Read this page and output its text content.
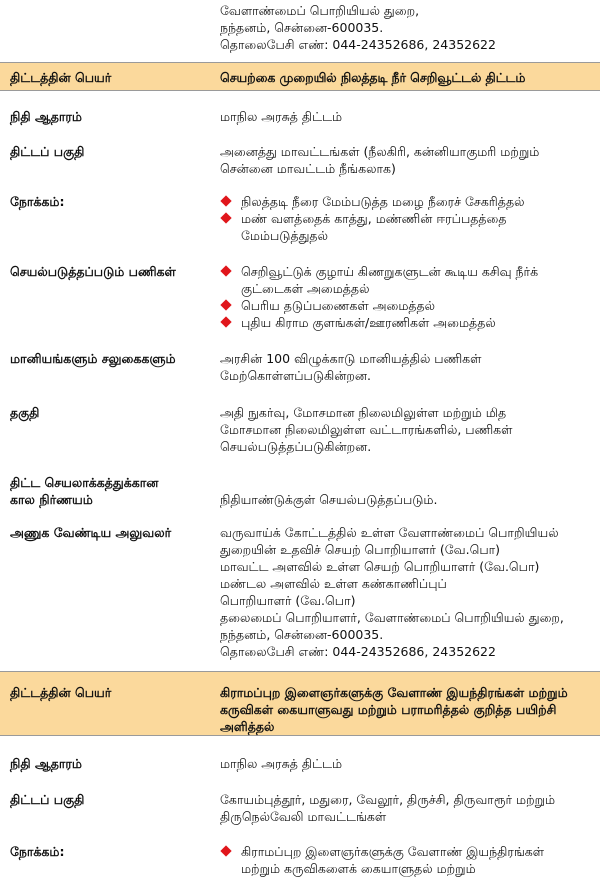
வேளாண்மைப் பொறியியல் துறை,
நந்தனம், சென்னை-600035.
தொலைபேசி எண்: 044-24352686, 24352622
திட்டத்தின் பெயர்	செயற்கை முறையில் நிலத்தடி நீர் செறிவூட்டல் திட்டம்
நிதி ஆதாரம்	மாநில அரசுத் திட்டம்
திட்டப் பகுதி	அனைத்து மாவட்டங்கள் (நீலகிரி, கன்னியாகுமரி மற்றும்
சென்னை மாவட்டம் நீங்கலாக)
நோக்கம்:	நிலத்தடி நீரை மேம்படுத்த மழை நீரைச் சேகரித்தல்
மண் வளத்தைக் காத்து, மண்ணின் ஈரப்பதத்தை
மேம்படுத்துதல்
செயல்படுத்தப்படும் பணிகள்	செறிவூட்டுக் குழாய் கிணறுகளுடன் கூடிய கசிவு நீர்க்
குட்டைகள் அமைத்தல்
பெரிய தடுப்பணைகள் அமைத்தல்
புதிய கிராம குளங்கள்/ஊரணிகள் அமைத்தல்
மானியங்களும் சலுகைகளும்	அரசின் 100 விழுக்காடு மானியத்தில் பணிகள்
மேற்கொள்ளப்படுகின்றன.
தகுதி	அதி நுகர்வு, மோசமான நிலைமிலுள்ள மற்றும் மித
மோசமான நிலைமிலுள்ள வட்டாரங்களில், பணிகள்
செயல்படுத்தப்படுகின்றன.
திட்ட செயலாக்கத்துக்கான
கால நிர்ணயம்	நிதியாண்டுக்குள் செயல்படுத்தப்படும்.
அணுக வேண்டிய அலுவலர்	வருவாய்க் கோட்டத்தில் உள்ள வேளாண்மைப் பொறியியல்
துறையின் உதவிச் செயற் பொறியாளர் (வே.பொ)
மாவட்ட அளவில் உள்ள செயற் பொறியாளர் (வே.பொ)
மண்டல அளவில் உள்ள கண்காணிப்புப்
பொறியாளர் (வே.பொ)
தலைமைப் பொறியாளர், வேளாண்மைப் பொறியியல் துறை,
நந்தனம், சென்னை-600035.
தொலைபேசி எண்: 044-24352686, 24352622
திட்டத்தின் பெயர்	கிராமப்புற இளைஞர்களுக்கு வேளாண் இயந்திரங்கள் மற்றும்
கருவிகள் கையாளுவது மற்றும் பராமரித்தல் குறித்த பயிற்சி
அளித்தல்
நிதி ஆதாரம்	மாநில அரசுத் திட்டம்
திட்டப் பகுதி	கோயம்புத்தூர், மதுரை, வேலூர், திருச்சி, திருவாரூர் மற்றும்
திருநெல்வேலி மாவட்டங்கள்
நோக்கம்:	கிராமப்புற இளைஞர்களுக்கு வேளாண் இயந்திரங்கள்
மற்றும் கருவிகளைக் கையாளுதல் மற்றும்
